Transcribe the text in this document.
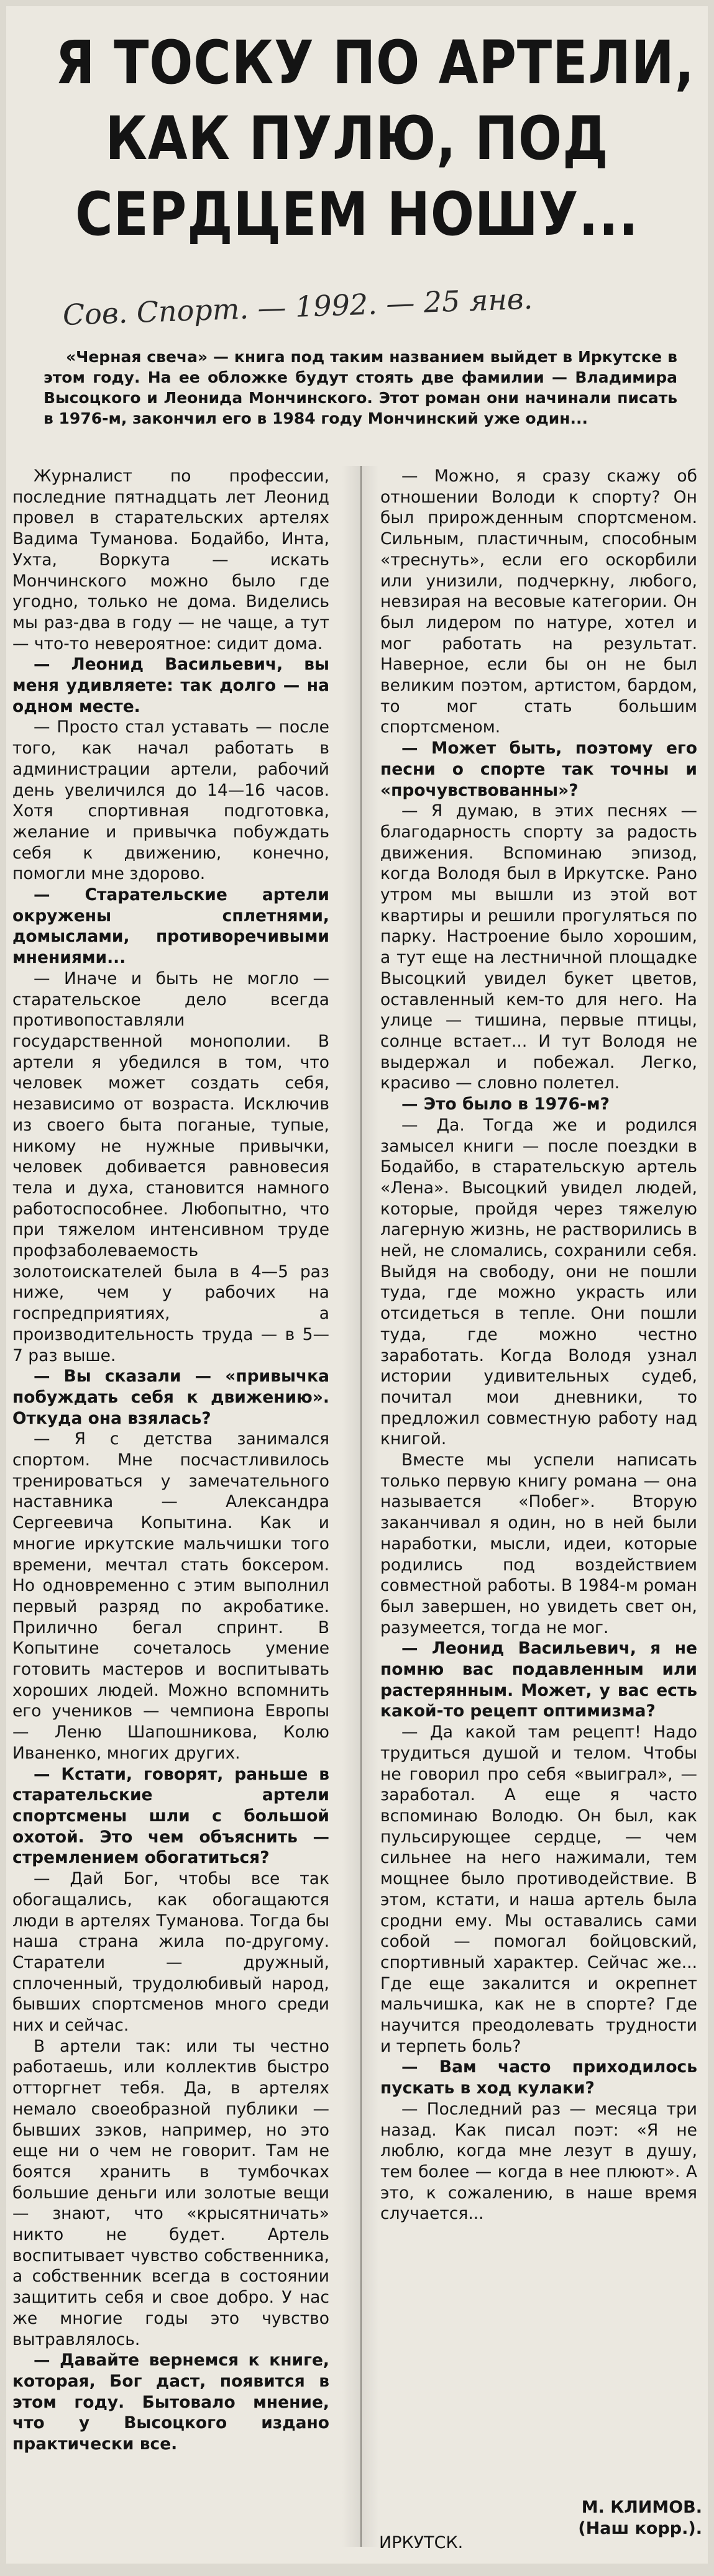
Я ТОСКУ ПО АРТЕЛИ,
КАК ПУЛЮ, ПОД
СЕРДЦЕМ НОШУ...
Сов. Спорт. — 1992. — 25 янв.
«Черная свеча» — книга под таким названием выйдет в Иркутске в этом году. На ее обложке будут стоять две фамилии — Владимира Высоцкого и Леонида Мончинского. Этот роман они начинали писать в 1976-м, закончил его в 1984 году Мончинский уже один...

Журналист по профессии, последние пятнадцать лет Леонид провел в старательских артелях Вадима Туманова. Бодайбо, Инта, Ухта, Воркута — искать Мончинского можно было где угодно, только не дома. Виделись мы раз-два в году — не чаще, а тут — что-то невероятное: сидит дома.

— Леонид Васильевич, вы меня удивляете: так долго — на одном месте.

— Просто стал уставать — после того, как начал работать в администрации артели, рабочий день увеличился до 14—16 часов. Хотя спортивная подготовка, желание и привычка побуждать себя к движению, конечно, помогли мне здорово.

— Старательские артели окружены сплетнями, домыслами, противоречивыми мнениями...

— Иначе и быть не могло — старательское дело всегда противопоставляли государственной монополии. В артели я убедился в том, что человек может создать себя, независимо от возраста. Исключив из своего быта поганые, тупые, никому не нужные привычки, человек добивается равновесия тела и духа, становится намного работоспособнее. Любопытно, что при тяжелом интенсивном труде профзаболеваемость золотоискателей была в 4—5 раз ниже, чем у рабочих на госпредприятиях, а производительность труда — в 5—7 раз выше.

— Вы сказали — «привычка побуждать себя к движению». Откуда она взялась?

— Я с детства занимался спортом. Мне посчастливилось тренироваться у замечательного наставника — Александра Сергеевича Копытина. Как и многие иркутские мальчишки того времени, мечтал стать боксером. Но одновременно с этим выполнил первый разряд по акробатике. Прилично бегал спринт. В Копытине сочеталось умение готовить мастеров и воспитывать хороших людей. Можно вспомнить его учеников — чемпиона Европы — Леню Шапошникова, Колю Иваненко, многих других.

— Кстати, говорят, раньше в старательские артели спортсмены шли с большой охотой. Это чем объяснить — стремлением обогатиться?

— Дай Бог, чтобы все так обогащались, как обогащаются люди в артелях Туманова. Тогда бы наша страна жила по-другому. Старатели — дружный, сплоченный, трудолюбивый народ, бывших спортсменов много среди них и сейчас.

В артели так: или ты честно работаешь, или коллектив быстро отторгнет тебя. Да, в артелях немало своеобразной публики — бывших зэков, например, но это еще ни о чем не говорит. Там не боятся хранить в тумбочках большие деньги или золотые вещи — знают, что «крысятничать» никто не будет. Артель воспитывает чувство собственника, а собственник всегда в состоянии защитить себя и свое добро. У нас же многие годы это чувство вытравлялось.

— Давайте вернемся к книге, которая, Бог даст, появится в этом году. Бытовало мнение, что у Высоцкого издано практически все.

— Можно, я сразу скажу об отношении Володи к спорту? Он был прирожденным спортсменом. Сильным, пластичным, способным «треснуть», если его оскорбили или унизили, подчеркну, любого, невзирая на весовые категории. Он был лидером по натуре, хотел и мог работать на результат. Наверное, если бы он не был великим поэтом, артистом, бардом, то мог стать большим спортсменом.

— Может быть, поэтому его песни о спорте так точны и «прочувствованны»?

— Я думаю, в этих песнях — благодарность спорту за радость движения. Вспоминаю эпизод, когда Володя был в Иркутске. Рано утром мы вышли из этой вот квартиры и решили прогуляться по парку. Настроение было хорошим, а тут еще на лестничной площадке Высоцкий увидел букет цветов, оставленный кем-то для него. На улице — тишина, первые птицы, солнце встает... И тут Володя не выдержал и побежал. Легко, красиво — словно полетел.

— Это было в 1976-м?

— Да. Тогда же и родился замысел книги — после поездки в Бодайбо, в старательскую артель «Лена». Высоцкий увидел людей, которые, пройдя через тяжелую лагерную жизнь, не растворились в ней, не сломались, сохранили себя. Выйдя на свободу, они не пошли туда, где можно украсть или отсидеться в тепле. Они пошли туда, где можно честно заработать. Когда Володя узнал истории удивительных судеб, почитал мои дневники, то предложил совместную работу над книгой.

Вместе мы успели написать только первую книгу романа — она называется «Побег». Вторую заканчивал я один, но в ней были наработки, мысли, идеи, которые родились под воздействием совместной работы. В 1984-м роман был завершен, но увидеть свет он, разумеется, тогда не мог.

— Леонид Васильевич, я не помню вас подавленным или растерянным. Может, у вас есть какой-то рецепт оптимизма?

— Да какой там рецепт! Надо трудиться душой и телом. Чтобы не говорил про себя «выиграл», — заработал. А еще я часто вспоминаю Володю. Он был, как пульсирующее сердце, — чем сильнее на него нажимали, тем мощнее было противодействие. В этом, кстати, и наша артель была сродни ему. Мы оставались сами собой — помогал бойцовский, спортивный характер. Сейчас же... Где еще закалится и окрепнет мальчишка, как не в спорте? Где научится преодолевать трудности и терпеть боль?

— Вам часто приходилось пускать в ход кулаки?

— Последний раз — месяца три назад. Как писал поэт: «Я не люблю, когда мне лезут в душу, тем более — когда в нее плюют». А это, к сожалению, в наше время случается...

ИРКУТСК.
М. КЛИМОВ.
(Наш корр.).
